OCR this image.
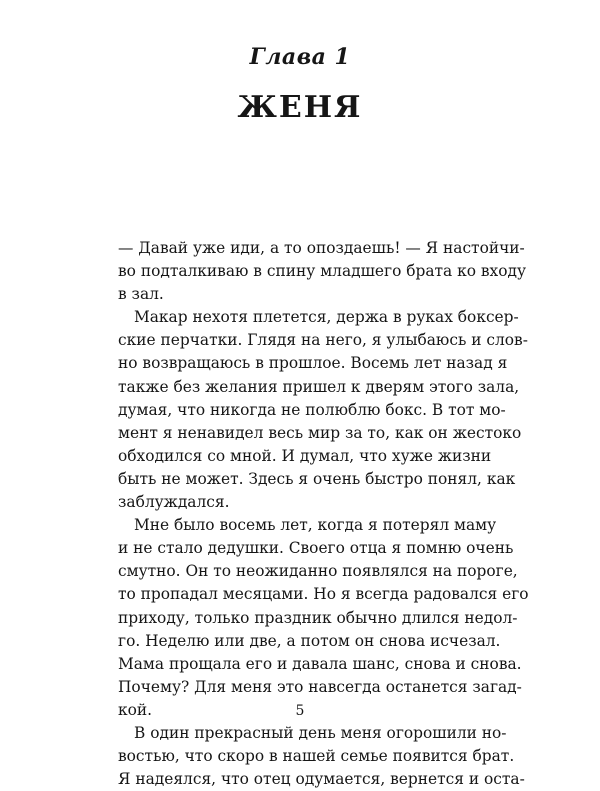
Глава 1
ЖЕНЯ
— Давай уже иди, а то опоздаешь! — Я настойчи-
во подталкиваю в спину младшего брата ко входу
в зал.
Макар нехотя плетется, держа в руках боксер-
ские перчатки. Глядя на него, я улыбаюсь и слов-
но возвращаюсь в прошлое. Восемь лет назад я
также без желания пришел к дверям этого зала,
думая, что никогда не полюблю бокс. В тот мо-
мент я ненавидел весь мир за то, как он жестоко
обходился со мной. И думал, что хуже жизни
быть не может. Здесь я очень быстро понял, как
заблуждался.
Мне было восемь лет, когда я потерял маму
и не стало дедушки. Своего отца я помню очень
смутно. Он то неожиданно появлялся на пороге,
то пропадал месяцами. Но я всегда радовался его
приходу, только праздник обычно длился недол-
го. Неделю или две, а потом он снова исчезал.
Мама прощала его и давала шанс, снова и снова.
Почему? Для меня это навсегда останется загад-
кой.
В один прекрасный день меня огорошили но-
востью, что скоро в нашей семье появится брат.
Я надеялся, что отец одумается, вернется и оста-
5
